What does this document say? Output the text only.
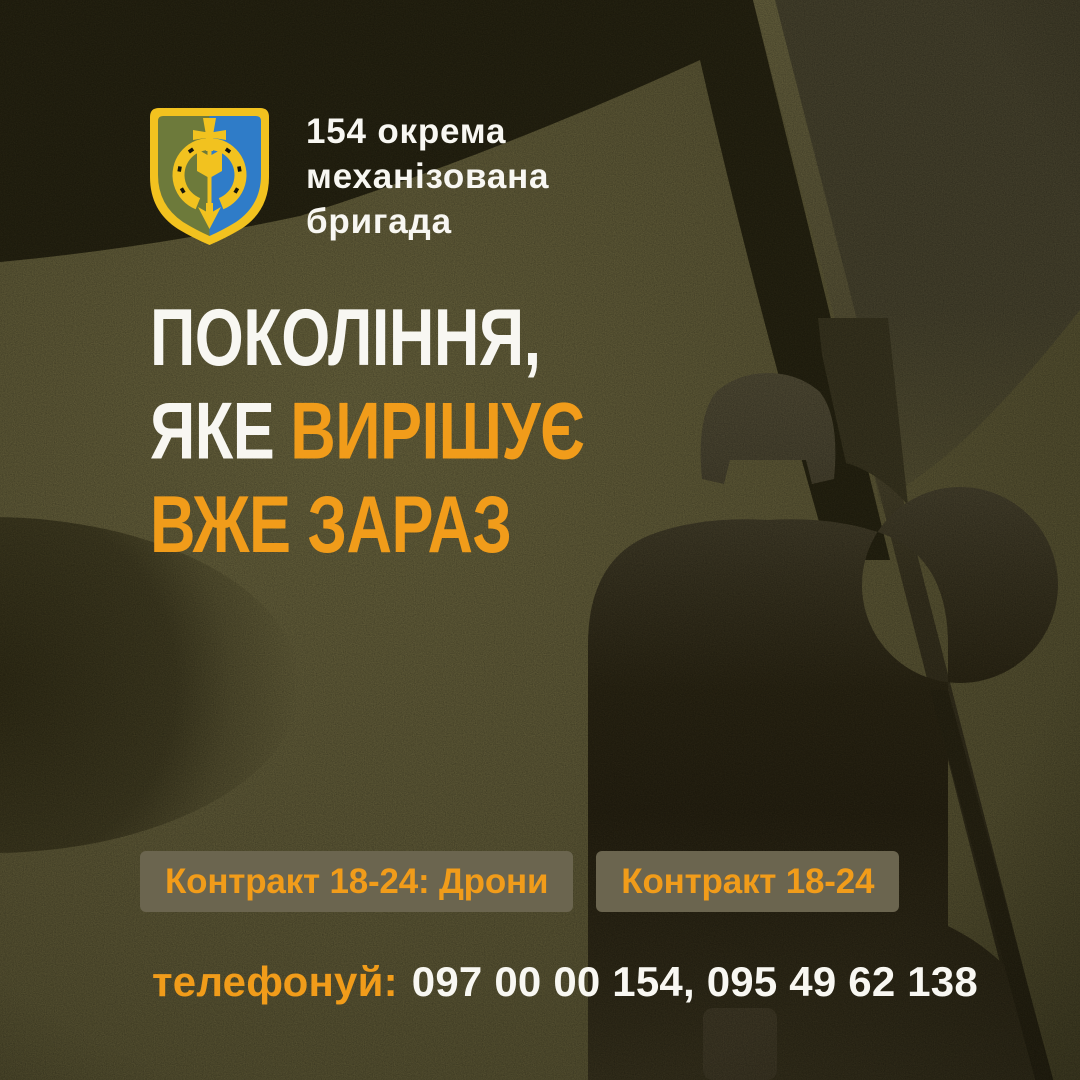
154 окрема
механізована
бригада
ПОКОЛІННЯ,
ЯКЕ ВИРІШУЄ
ВЖЕ ЗАРАЗ

Контракт 18-24: Дрони	Контракт 18-24
телефонуй: 097 00 00 154, 095 49 62 138
